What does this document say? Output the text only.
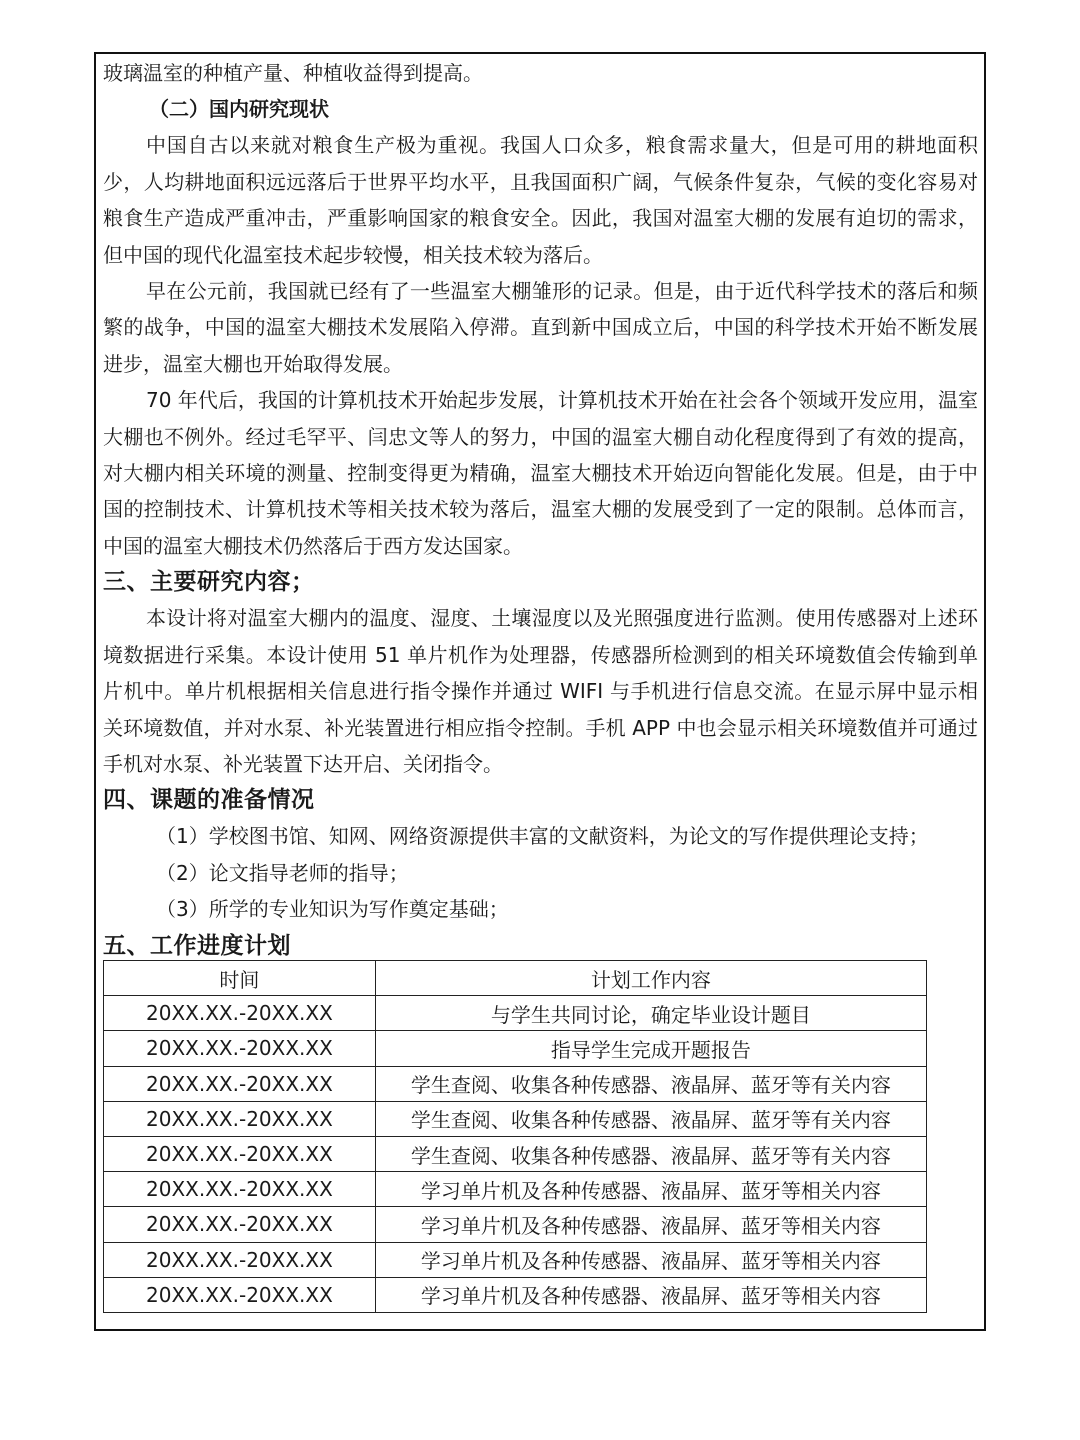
玻璃温室的种植产量、种植收益得到提高。

（二）国内研究现状

中国自古以来就对粮食生产极为重视。我国人口众多，粮食需求量大，但是可用的耕地面积少，人均耕地面积远远落后于世界平均水平，且我国面积广阔，气候条件复杂，气候的变化容易对粮食生产造成严重冲击，严重影响国家的粮食安全。因此，我国对温室大棚的发展有迫切的需求，但中国的现代化温室技术起步较慢，相关技术较为落后。

早在公元前，我国就已经有了一些温室大棚雏形的记录。但是，由于近代科学技术的落后和频繁的战争，中国的温室大棚技术发展陷入停滞。直到新中国成立后，中国的科学技术开始不断发展进步，温室大棚也开始取得发展。

70 年代后，我国的计算机技术开始起步发展，计算机技术开始在社会各个领域开发应用，温室大棚也不例外。经过毛罕平、闫忠文等人的努力，中国的温室大棚自动化程度得到了有效的提高，对大棚内相关环境的测量、控制变得更为精确，温室大棚技术开始迈向智能化发展。但是，由于中国的控制技术、计算机技术等相关技术较为落后，温室大棚的发展受到了一定的限制。总体而言，中国的温室大棚技术仍然落后于西方发达国家。

三、主要研究内容；

本设计将对温室大棚内的温度、湿度、土壤湿度以及光照强度进行监测。使用传感器对上述环境数据进行采集。本设计使用 51 单片机作为处理器，传感器所检测到的相关环境数值会传输到单片机中。单片机根据相关信息进行指令操作并通过 WIFI 与手机进行信息交流。在显示屏中显示相关环境数值，并对水泵、补光装置进行相应指令控制。手机 APP 中也会显示相关环境数值并可通过手机对水泵、补光装置下达开启、关闭指令。

四、课题的准备情况

（1）学校图书馆、知网、网络资源提供丰富的文献资料，为论文的写作提供理论支持；

（2）论文指导老师的指导；

（3）所学的专业知识为写作奠定基础；

五、工作进度计划

时间	计划工作内容
20XX.XX.-20XX.XX	与学生共同讨论，确定毕业设计题目
20XX.XX.-20XX.XX	指导学生完成开题报告
20XX.XX.-20XX.XX	学生查阅、收集各种传感器、液晶屏、蓝牙等有关内容
20XX.XX.-20XX.XX	学生查阅、收集各种传感器、液晶屏、蓝牙等有关内容
20XX.XX.-20XX.XX	学生查阅、收集各种传感器、液晶屏、蓝牙等有关内容
20XX.XX.-20XX.XX	学习单片机及各种传感器、液晶屏、蓝牙等相关内容
20XX.XX.-20XX.XX	学习单片机及各种传感器、液晶屏、蓝牙等相关内容
20XX.XX.-20XX.XX	学习单片机及各种传感器、液晶屏、蓝牙等相关内容
20XX.XX.-20XX.XX	学习单片机及各种传感器、液晶屏、蓝牙等相关内容
